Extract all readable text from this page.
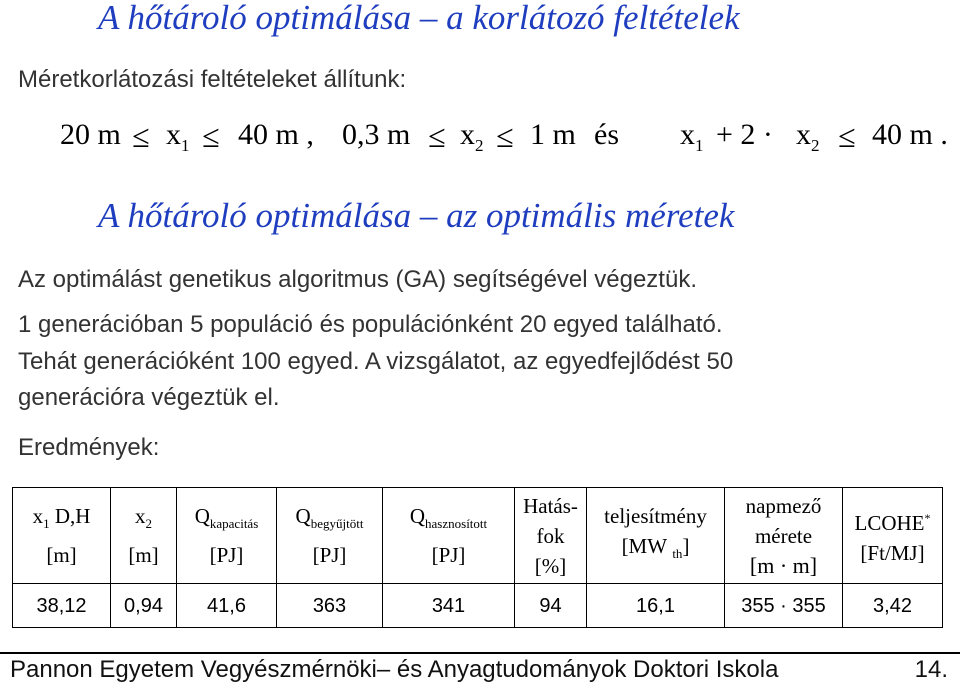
A hőtároló optimálása – a korlátozó feltételek

Méretkorlátozási feltételeket állítunk:

20 $m \le x_1 \le 40$ m , 0,3 $m \le x_2 \le 1$ m és $x_1 + 2 \cdot x_2 \le 40$ m .
A hőtároló optimálása – az optimális méretek

Az optimálást genetikus algoritmus (GA) segítségével végeztük.

1 generációban 5 populáció és populációnként 20 egyed található.

Tehát generációként 100 egyed. A vizsgálatot, az egyedfejlődést 50

generációra végeztük el.

Eredmények:

$x_1$ D,H
[m]	$x_2$
[m]	$Q_{kapacitás}$
[PJ]	$Q_{begyűjtött}$
[PJ]	$Q_{hasznosított}$
[PJ]	Hatás-
fok
[%]	teljesítmény
[MW $_{th}$]	napmező
mérete
[m · m]	LCOHE*
[Ft/MJ]
38,12	0,94	41,6	363	341	94	16,1	355 · 355	3,42
Pannon Egyetem Vegyészmérnöki– és Anyagtudományok Doktori Iskola	14.
